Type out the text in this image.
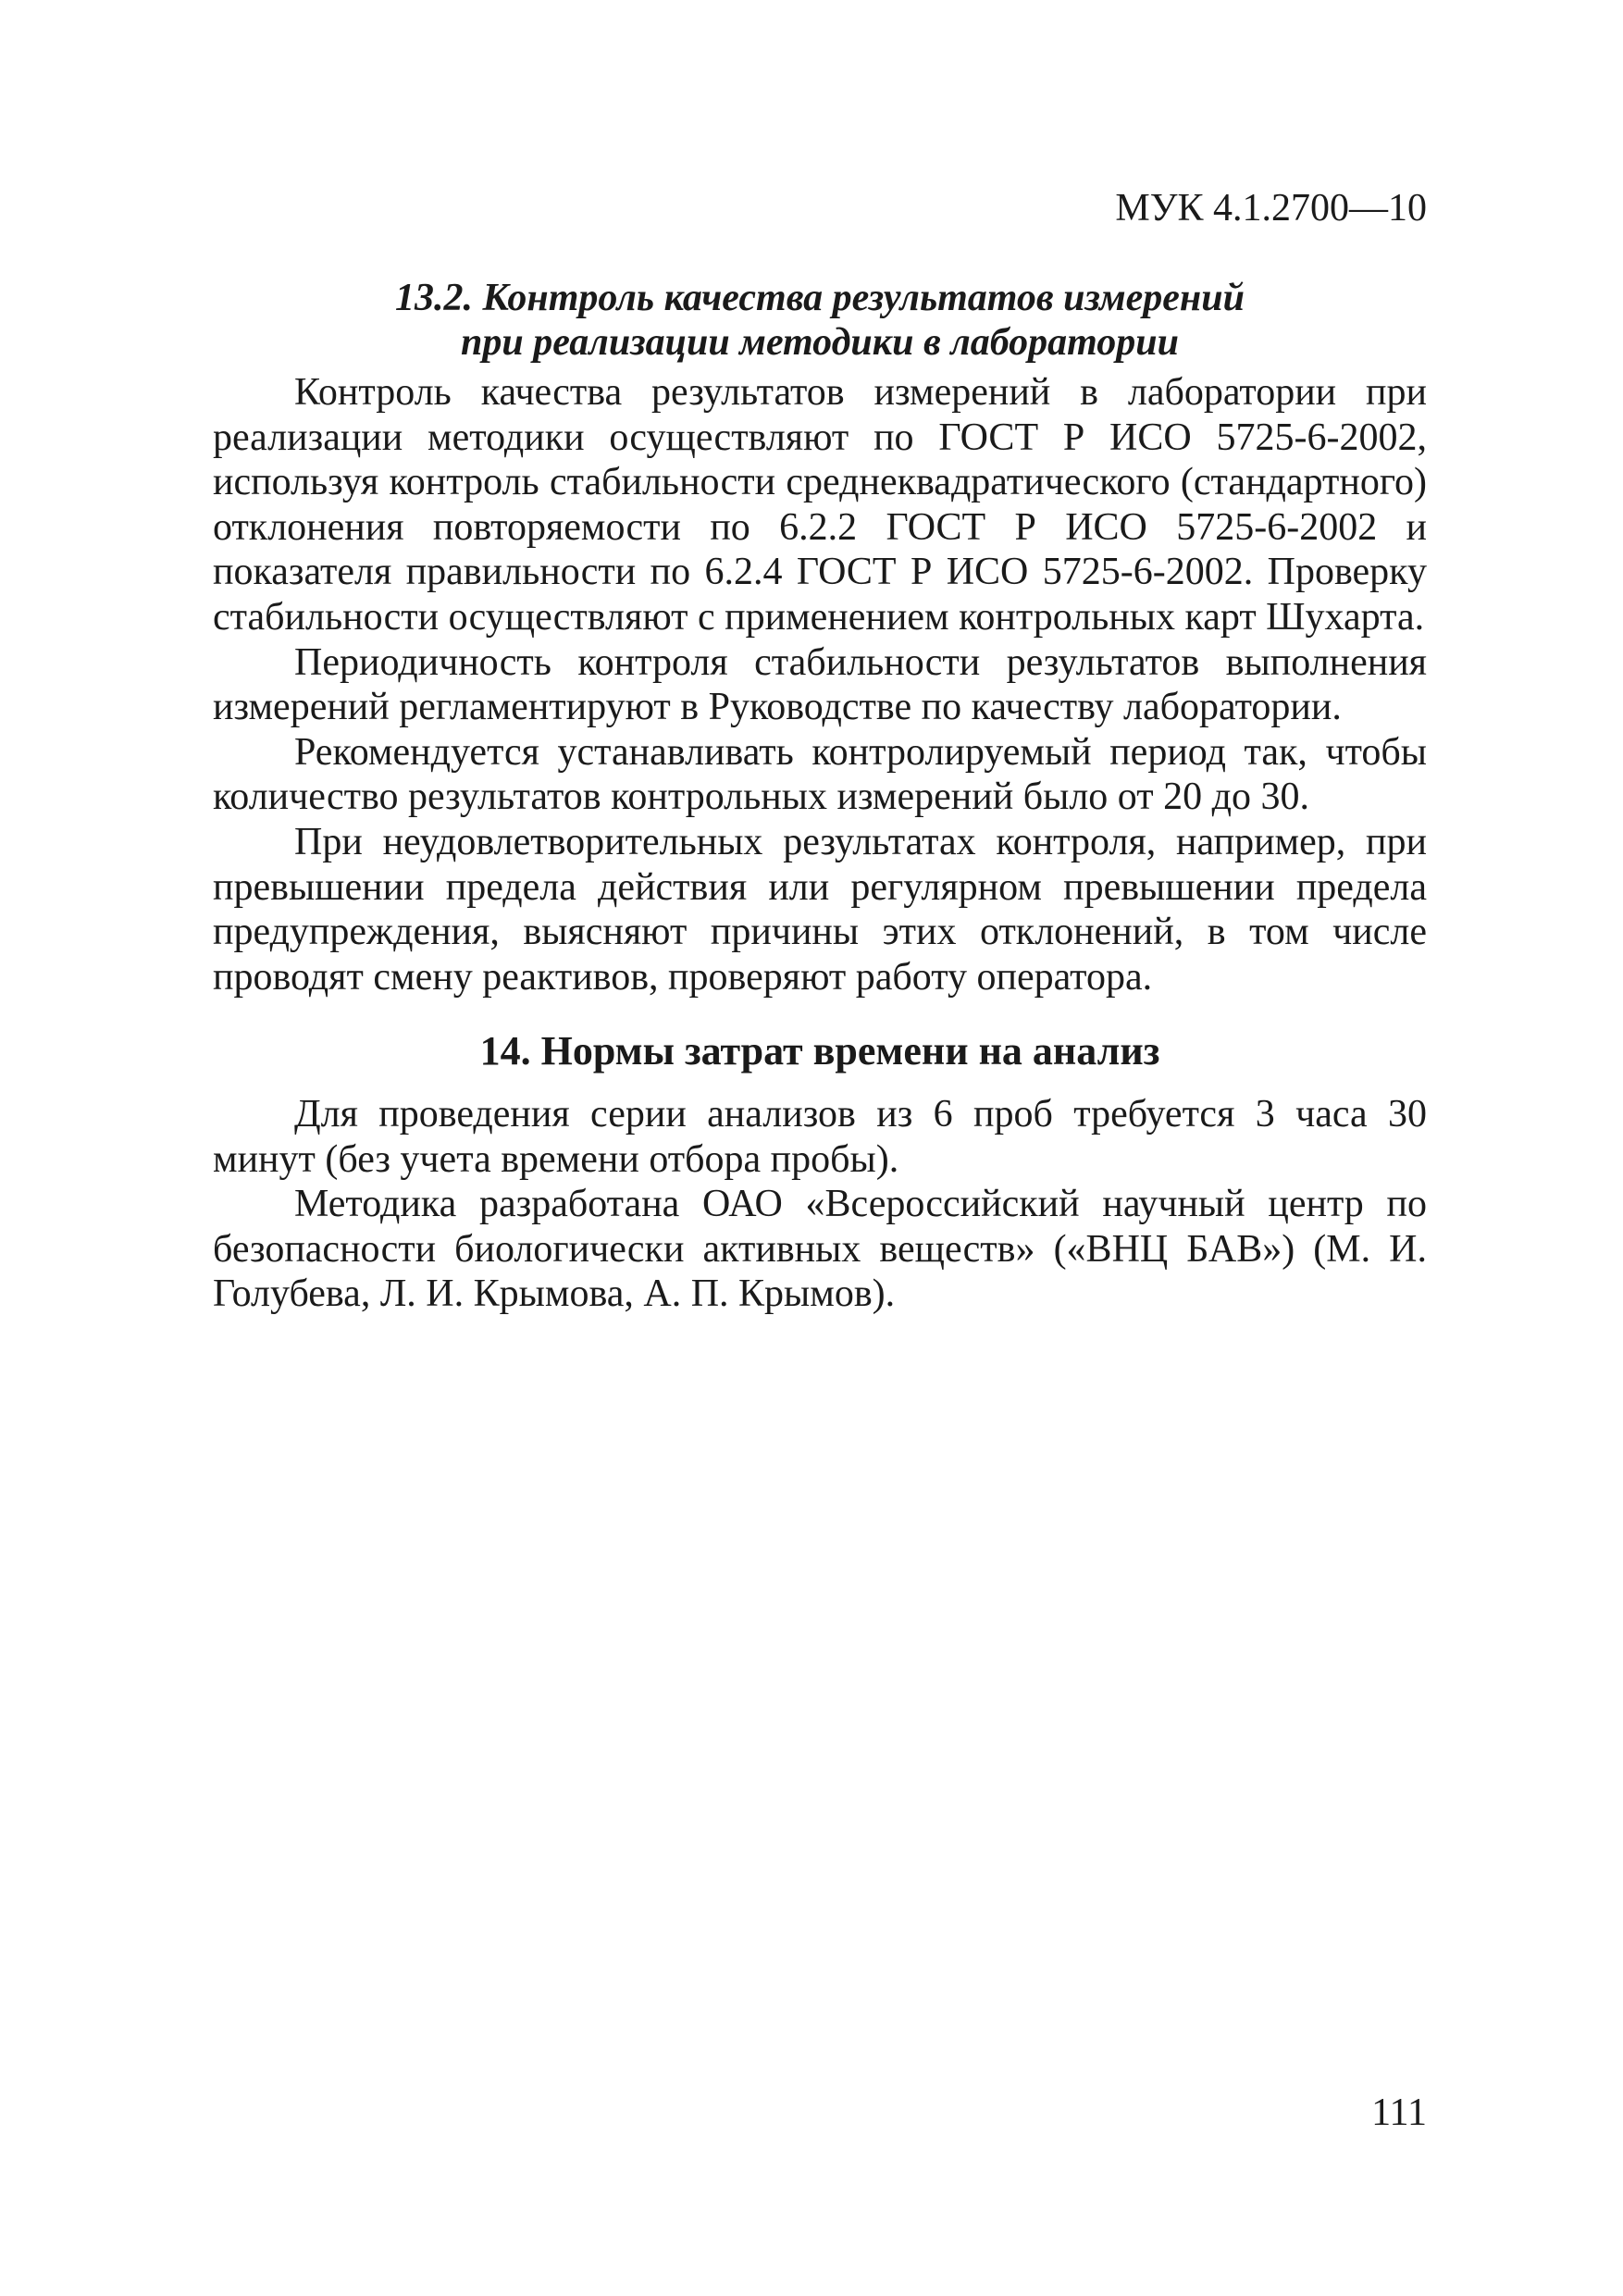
МУК 4.1.2700—10
13.2. Контроль качества результатов измерений
при реализации методики в лаборатории

Контроль качества результатов измерений в лаборатории при реализации методики осуществляют по ГОСТ Р ИСО 5725-6-2002, используя контроль стабильности среднеквадратического (стандартного) отклонения повторяемости по 6.2.2 ГОСТ Р ИСО 5725-6-2002 и показателя правильности по 6.2.4 ГОСТ Р ИСО 5725-6-2002. Проверку стабильности осуществляют с применением контрольных карт Шухарта.

Периодичность контроля стабильности результатов выполнения измерений регламентируют в Руководстве по качеству лаборатории.

Рекомендуется устанавливать контролируемый период так, чтобы количество результатов контрольных измерений было от 20 до 30.

При неудовлетворительных результатах контроля, например, при превышении предела действия или регулярном превышении предела предупреждения, выясняют причины этих отклонений, в том числе проводят смену реактивов, проверяют работу оператора.

14. Нормы затрат времени на анализ

Для проведения серии анализов из 6 проб требуется 3 часа 30 минут (без учета времени отбора пробы).

Методика разработана ОАО «Всероссийский научный центр по безопасности биологически активных веществ» («ВНЦ БАВ») (М. И. Голубева, Л. И. Крымова, А. П. Крымов).

111
